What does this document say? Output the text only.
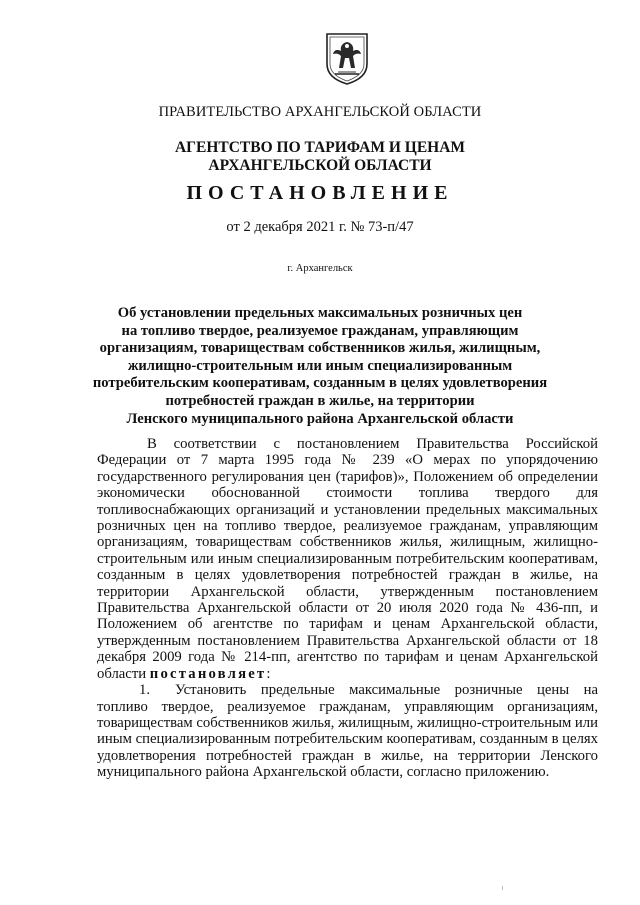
ПРАВИТЕЛЬСТВО АРХАНГЕЛЬСКОЙ ОБЛАСТИ
АГЕНТСТВО ПО ТАРИФАМ И ЦЕНАМ
АРХАНГЕЛЬСКОЙ ОБЛАСТИ
ПОСТАНОВЛЕНИЕ
от 2 декабря 2021 г. № 73-п/47
г. Архангельск
Об установлении предельных максимальных розничных цен
на топливо твердое, реализуемое гражданам, управляющим
организациям, товариществам собственников жилья, жилищным,
жилищно-строительным или иным специализированным
потребительским кооперативам, созданным в целях удовлетворения
потребностей граждан в жилье, на территории
Ленского муниципального района Архангельской области

В соответствии с постановлением Правительства Российской Федерации от 7 марта 1995 года № 239 «О мерах по упорядочению государственного регулирования цен (тарифов)», Положением об определении экономически обоснованной стоимости топлива твердого для топливоснабжающих организаций и установлении предельных максимальных розничных цен на топливо твердое, реализуемое гражданам, управляющим организациям, товариществам собственников жилья, жилищным, жилищно-строительным или иным специализированным потребительским кооперативам, созданным в целях удовлетворения потребностей граждан в жилье, на территории Архангельской области, утвержденным постановлением Правительства Архангельской области от 20 июля 2020 года № 436-пп, и Положением об агентстве по тарифам и ценам Архангельской области, утвержденным постановлением Правительства Архангельской области от 18 декабря 2009 года № 214-пп, агентство по тарифам и ценам Архангельской области постановляет:

1. Установить предельные максимальные розничные цены на топливо твердое, реализуемое гражданам, управляющим организациям, товариществам собственников жилья, жилищным, жилищно-строительным или иным специализированным потребительским кооперативам, созданным в целях удовлетворения потребностей граждан в жилье, на территории Ленского муниципального района Архангельской области, согласно приложению.
